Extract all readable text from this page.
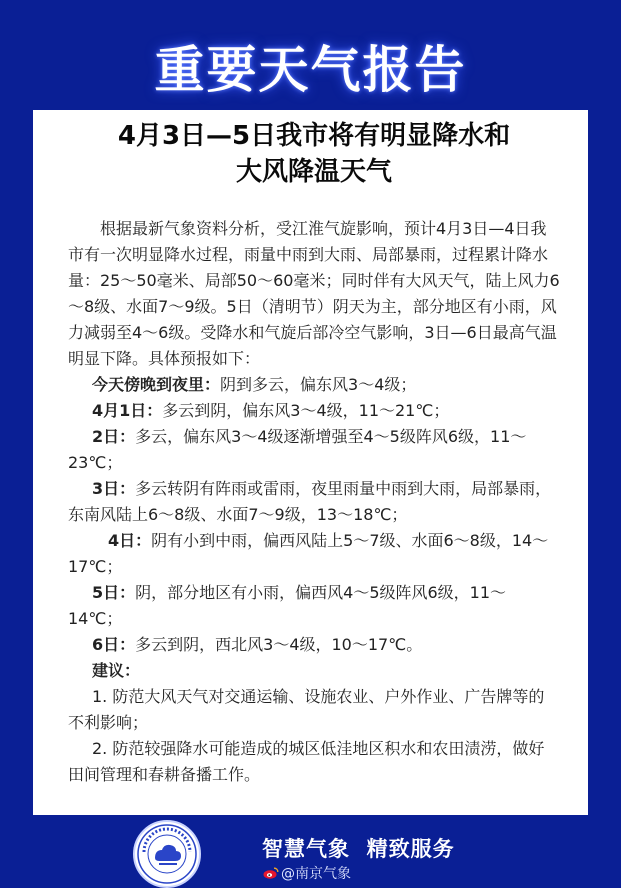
重要天气报告
4月3日—5日我市将有明显降水和
大风降温天气

根据最新气象资料分析，受江淮气旋影响，预计4月3日—4日我市有一次明显降水过程，雨量中雨到大雨、局部暴雨，过程累计降水量：25～50毫米、局部50～60毫米；同时伴有大风天气，陆上风力6～8级、水面7～9级。5日（清明节）阴天为主，部分地区有小雨，风力减弱至4～6级。受降水和气旋后部冷空气影响，3日—6日最高气温明显下降。具体预报如下：

今天傍晚到夜里：阴到多云，偏东风3～4级；

4月1日：多云到阴，偏东风3～4级，11～21℃；

2日：多云，偏东风3～4级逐渐增强至4～5级阵风6级，11～23℃；

3日：多云转阴有阵雨或雷雨，夜里雨量中雨到大雨，局部暴雨，东南风陆上6～8级、水面7～9级，13～18℃；

4日：阴有小到中雨，偏西风陆上5～7级、水面6～8级，14～17℃；

5日：阴，部分地区有小雨，偏西风4～5级阵风6级，11～14℃；

6日：多云到阴，西北风3～4级，10～17℃。

建议：

1. 防范大风天气对交通运输、设施农业、户外作业、广告牌等的不利影响；

2. 防范较强降水可能造成的城区低洼地区积水和农田渍涝，做好田间管理和春耕备播工作。

智慧气象  精致服务
@南京气象
